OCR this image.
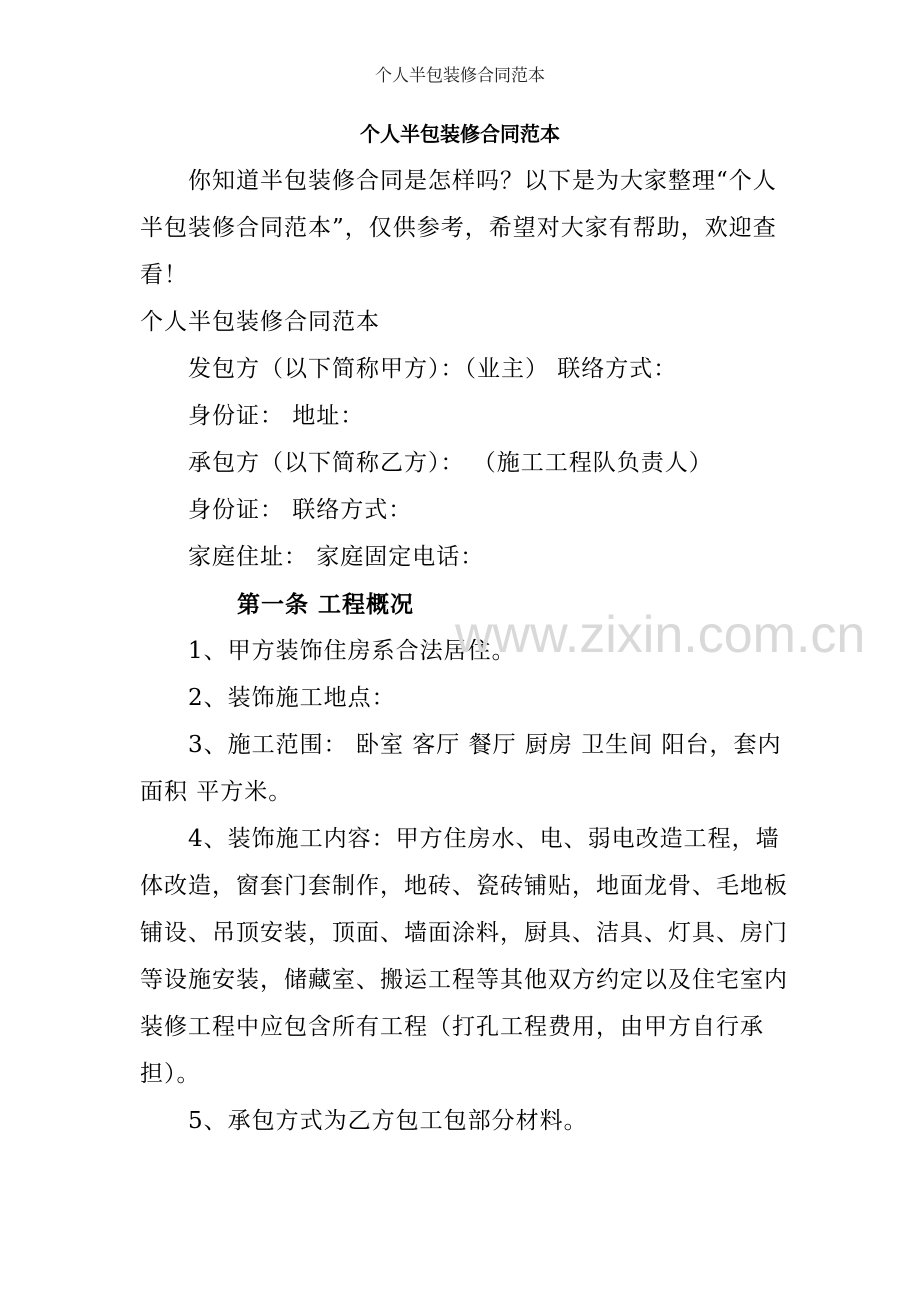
个人半包装修合同范本
个人半包装修合同范本

你知道半包装修合同是怎样吗？以下是为大家整理“个人半包装修合同范本”，仅供参考，希望对大家有帮助，欢迎查看！

个人半包装修合同范本

发包方（以下简称甲方）：（业主） 联络方式：

身份证： 地址：

承包方（以下简称乙方）： （施工工程队负责人）

身份证： 联络方式：

家庭住址： 家庭固定电话：

第一条 工程概况

1、甲方装饰住房系合法居住。

2、装饰施工地点：

3、施工范围： 卧室 客厅 餐厅 厨房 卫生间 阳台，套内面积 平方米。

4、装饰施工内容：甲方住房水、电、弱电改造工程，墙体改造，窗套门套制作，地砖、瓷砖铺贴，地面龙骨、毛地板铺设、吊顶安装，顶面、墙面涂料，厨具、洁具、灯具、房门等设施安装，储藏室、搬运工程等其他双方约定以及住宅室内装修工程中应包含所有工程（打孔工程费用，由甲方自行承担）。

5、承包方式为乙方包工包部分材料。

www.zixin.com.cn
